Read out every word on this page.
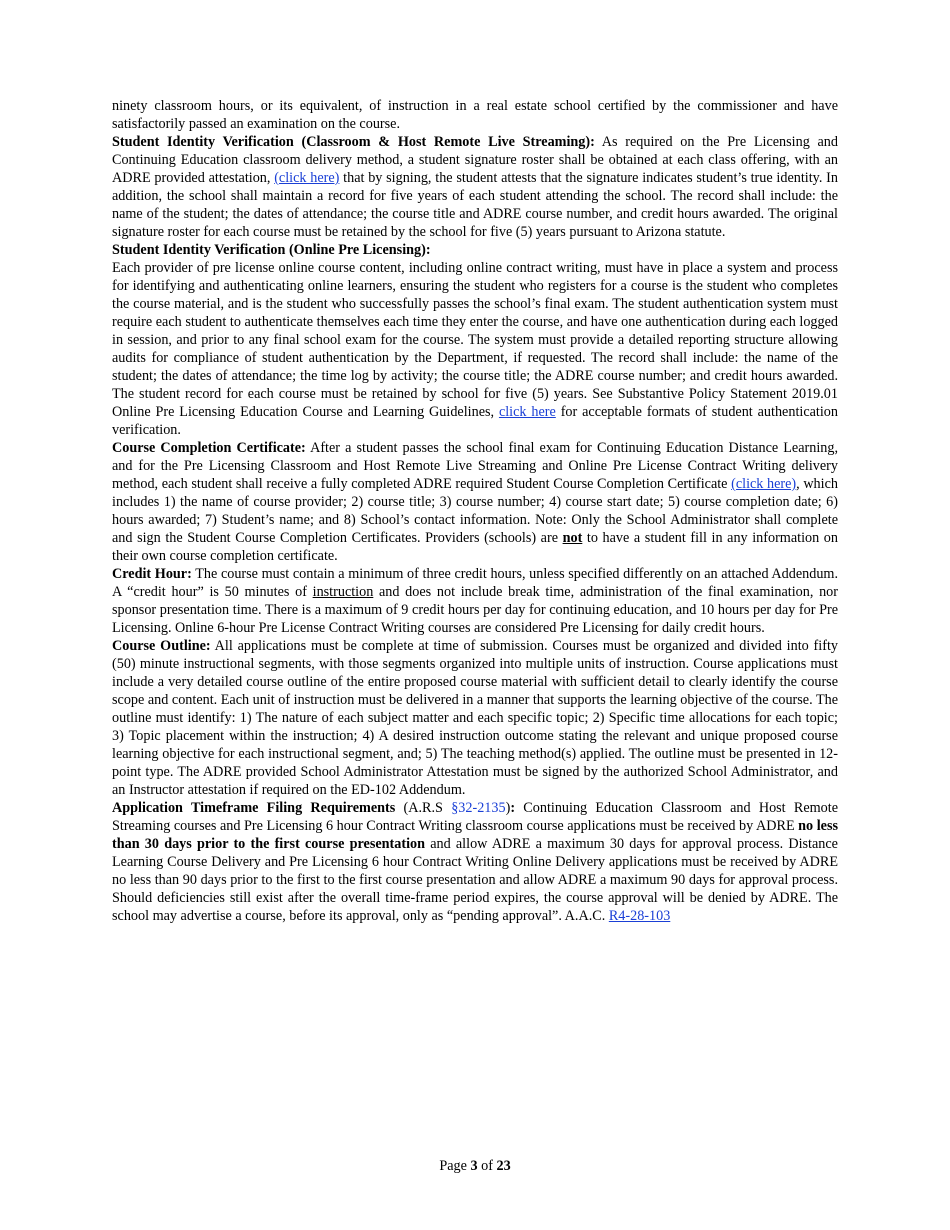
ninety classroom hours, or its equivalent, of instruction in a real estate school certified by the commissioner and have satisfactorily passed an examination on the course.

Student Identity Verification (Classroom & Host Remote Live Streaming): As required on the Pre Licensing and Continuing Education classroom delivery method, a student signature roster shall be obtained at each class offering, with an ADRE provided attestation, (click here) that by signing, the student attests that the signature indicates student’s true identity. In addition, the school shall maintain a record for five years of each student attending the school. The record shall include: the name of the student; the dates of attendance; the course title and ADRE course number, and credit hours awarded. The original signature roster for each course must be retained by the school for five (5) years pursuant to Arizona statute.

Student Identity Verification (Online Pre Licensing):

Each provider of pre license online course content, including online contract writing, must have in place a system and process for identifying and authenticating online learners, ensuring the student who registers for a course is the student who completes the course material, and is the student who successfully passes the school’s final exam. The student authentication system must require each student to authenticate themselves each time they enter the course, and have one authentication during each logged in session, and prior to any final school exam for the course. The system must provide a detailed reporting structure allowing audits for compliance of student authentication by the Department, if requested. The record shall include: the name of the student; the dates of attendance; the time log by activity; the course title; the ADRE course number; and credit hours awarded. The student record for each course must be retained by school for five (5) years. See Substantive Policy Statement 2019.01 Online Pre Licensing Education Course and Learning Guidelines, click here for acceptable formats of student authentication verification.

Course Completion Certificate: After a student passes the school final exam for Continuing Education Distance Learning, and for the Pre Licensing Classroom and Host Remote Live Streaming and Online Pre License Contract Writing delivery method, each student shall receive a fully completed ADRE required Student Course Completion Certificate (click here), which includes 1) the name of course provider; 2) course title; 3) course number; 4) course start date; 5) course completion date; 6) hours awarded; 7) Student’s name; and 8) School’s contact information. Note: Only the School Administrator shall complete and sign the Student Course Completion Certificates. Providers (schools) are not to have a student fill in any information on their own course completion certificate.

Credit Hour: The course must contain a minimum of three credit hours, unless specified differently on an attached Addendum. A “credit hour” is 50 minutes of instruction and does not include break time, administration of the final examination, nor sponsor presentation time. There is a maximum of 9 credit hours per day for continuing education, and 10 hours per day for Pre Licensing. Online 6-hour Pre License Contract Writing courses are considered Pre Licensing for daily credit hours.

Course Outline: All applications must be complete at time of submission. Courses must be organized and divided into fifty (50) minute instructional segments, with those segments organized into multiple units of instruction. Course applications must include a very detailed course outline of the entire proposed course material with sufficient detail to clearly identify the course scope and content. Each unit of instruction must be delivered in a manner that supports the learning objective of the course. The outline must identify: 1) The nature of each subject matter and each specific topic; 2) Specific time allocations for each topic; 3) Topic placement within the instruction; 4) A desired instruction outcome stating the relevant and unique proposed course learning objective for each instructional segment, and; 5) The teaching method(s) applied. The outline must be presented in 12-point type. The ADRE provided School Administrator Attestation must be signed by the authorized School Administrator, and an Instructor attestation if required on the ED-102 Addendum.

Application Timeframe Filing Requirements (A.R.S §32-2135): Continuing Education Classroom and Host Remote Streaming courses and Pre Licensing 6 hour Contract Writing classroom course applications must be received by ADRE no less than 30 days prior to the first course presentation and allow ADRE a maximum 30 days for approval process. Distance Learning Course Delivery and Pre Licensing 6 hour Contract Writing Online Delivery applications must be received by ADRE no less than 90 days prior to the first to the first course presentation and allow ADRE a maximum 90 days for approval process. Should deficiencies still exist after the overall time-frame period expires, the course approval will be denied by ADRE. The school may advertise a course, before its approval, only as “pending approval”. A.A.C. R4-28-103

Page 3 of 23
